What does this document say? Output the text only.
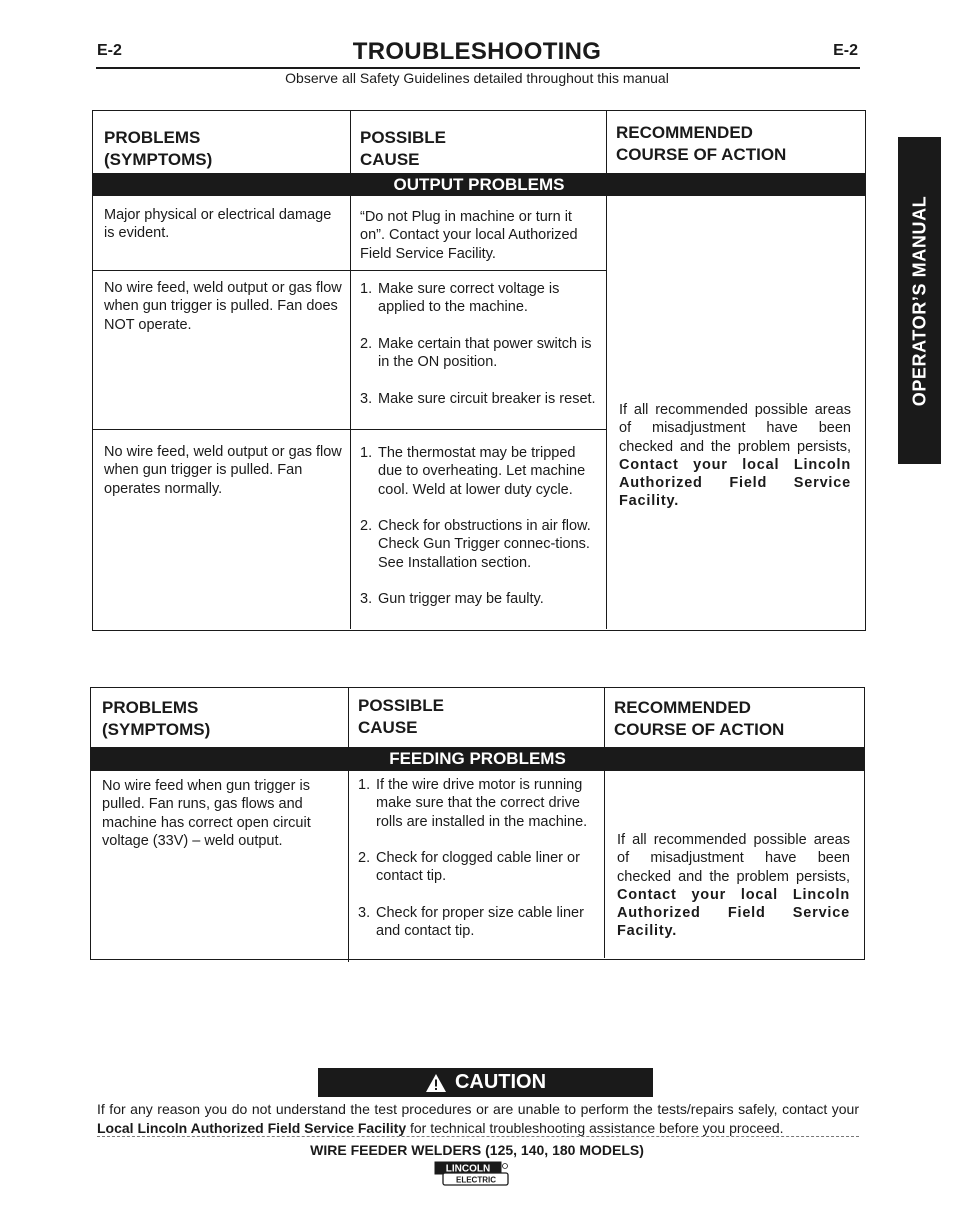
E-2	E-2
TROUBLESHOOTING
Observe all Safety Guidelines detailed throughout this manual
OPERATOR’S MANUAL
PROBLEMS
(SYMPTOMS)
POSSIBLE
CAUSE
RECOMMENDED
COURSE OF ACTION
OUTPUT PROBLEMS
Major physical or electrical damage is evident.
“Do not Plug in machine or turn it on”. Contact your local Authorized Field Service Facility.
No wire feed, weld output or gas flow when gun trigger is pulled. Fan does NOT operate.
1. Make sure correct voltage is applied to the machine.
2. Make certain that power switch is in the ON position.
3. Make sure circuit breaker is reset.
No wire feed, weld output or gas flow when gun trigger is pulled. Fan operates normally.
1. The thermostat may be tripped due to overheating. Let machine cool. Weld at lower duty cycle.
2. Check for obstructions in air flow. Check Gun Trigger connec-tions. See Installation section.
3. Gun trigger may be faulty.
If all recommended possible areas of misadjustment have been checked and the problem persists, Contact your local Lincoln Authorized Field Service Facility.
PROBLEMS
(SYMPTOMS)
POSSIBLE
CAUSE
RECOMMENDED
COURSE OF ACTION
FEEDING PROBLEMS
No wire feed when gun trigger is pulled. Fan runs, gas flows and machine has correct open circuit voltage (33V) – weld output.
1. If the wire drive motor is running make sure that the correct drive rolls are installed in the machine.
2. Check for clogged cable liner or contact tip.
3. Check for proper size cable liner and contact tip.
If all recommended possible areas of misadjustment have been checked and the problem persists, Contact your local Lincoln Authorized Field Service Facility.
CAUTION
If for any reason you do not understand the test procedures or are unable to perform the tests/repairs safely, contact your Local Lincoln Authorized Field Service Facility for technical troubleshooting assistance before you proceed.
WIRE FEEDER WELDERS (125, 140, 180 MODELS)
LINCOLN
ELECTRIC
